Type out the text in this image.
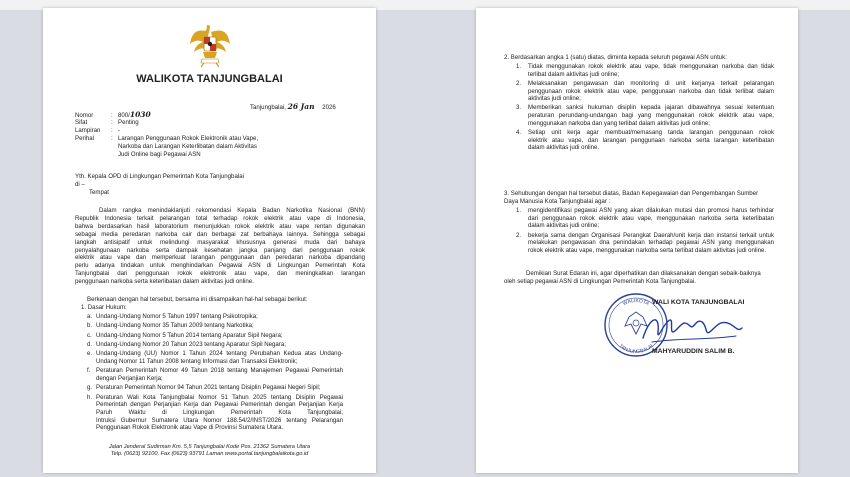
WALIKOTA TANJUNGBALAI
Tanjungbalai, 26 Jan 2026
Nomor	: 800/1030
Sifat	: Penting
Lampiran : -
Perihal	: Larangan Penggunaan Rokok Elektronik atau Vape,
Narkoba dan Larangan Keterlibatan dalam Aktivitas
Judi Online bagi Pegawai ASN
Yth. Kepala OPD di Lingkungan Pemerintah Kota Tanjungbalai
di –
Tempat
Dalam rangka menindaklanjuti rekomendasi Kepala Badan Narkotika Nasional (BNN)
Republik Indonesia terkait pelarangan total terhadap rokok elektrik atau vape di Indonesia,
bahwa berdasarkan hasil laboratorium menunjukkan rokok elektrik atau vape rentan digunakan
sebagai media peredaran narkoba cair dan berbagai zat berbahaya lainnya. Sehingga sebagai
langkah antisipatif untuk melindungi masyarakat khususnya generasi muda dari bahaya
penyalahgunaan narkoba serta dampak kesehatan jangka panjang dari penggunaan rokok
elektrik atau vape dan memperkuat larangan penggunaan dan peredaran narkoba dipandang
perlu adanya tindakan untuk menghindarkan Pegawai ASN di Lingkungan Pemerintah Kota
Tanjungbalai dari penggunaan rokok elektronik atau vape, dan meningkatkan larangan
penggunaan narkoba serta keterlibatan dalam aktivitas judi online.
Berkenaan dengan hal tersebut, bersama ini disampaikan hal-hal sebagai berikut:
1. Dasar Hukum:
a. Undang-Undang Nomor 5 Tahun 1997 tentang Psikotropika;
b. Undang-Undang Nomor 35 Tahun 2009 tentang Narkotika;
c. Undang-Undang Nomor 5 Tahun 2014 tentang Aparatur Sipil Negara;
d. Undang-Undang Nomor 20 Tahun 2023 tentang Aparatur Sipil Negara;
e. Undang-Undang (UU) Nomor 1 Tahun 2024 tentang Perubahan Kedua atas Undang-
Undang Nomor 11 Tahun 2008 tentang Informasi dan Transaksi Elektronik;
f. Peraturan Pemerintah Nomor 49 Tahun 2018 tentang Manajemen Pegawai Pemerintah
dengan Perjanjian Kerja;
g. Peraturan Pemerintah Nomor 94 Tahun 2021 tentang Disiplin Pegawai Negeri Sipil;
h. Peraturan Wali Kota Tanjungbalai Nomor 51 Tahun 2025 tentang Disiplin Pegawai
Pemerintah dengan Perjanjian Kerja dan Pegawai Pemerintah dengan Perjanjian Kerja
Paruh Waktu di Lingkungan Pemerintah Kota Tanjungbalai;
Intruksi Gubernur Sumatera Utara Nomor 188.54/2/INST/2026 tentang Pelarangan
Penggunaan Rokok Elektronik atau Vape di Provinsi Sumatera Utara.
Jalan Jenderal Sudirman Km. 5,5 Tanjungbalai Kode Pos. 21362 Sumatera Utara
Telp. (0623) 92100, Fax (0623) 93791 Laman www.portal.tanjungbalaikota.go.id
2. Berdasarkan angka 1 (satu) diatas, diminta kepada seluruh pegawai ASN untuk:
1. Tidak menggunakan rokok elektrik atau vape, tidak menggunakan narkoba dan tidak
terlibat dalam aktivitas judi online;
2. Melaksanakan pengawasan dan monitoring di unit kerjanya terkait pelarangan
penggunaan rokok elektrik atau vape, penggunaan narkoba dan tidak terlibat dalam
aktivitas judi online;
3. Memberikan sanksi hukuman disiplin kepada jajaran dibawahnya sesuai ketentuan
peraturan perundang-undangan bagi yang menggunakan rokok elektrik atau vape,
menggunakan narkoba dan yang terlibat dalam aktivitas judi online;
4. Setiap unit kerja agar membuat/memasang tanda larangan penggunaan rokok
elektrik atau vape, dan larangan penggunaan narkoba serta larangan keterlibatan
dalam aktivitas judi online.
3. Sehubungan dengan hal tersebut diatas, Badan Kepegawaian dan Pengembangan Sumber
Daya Manusia Kota Tanjungbalai agar :
1. mengidentifikasi pegawai ASN yang akan dilakukan mutasi dan promosi harus terhindar
dari penggunaan rokok elektrik atau vape, menggunakan narkoba serta keterlibatan
dalam aktivitas judi online;
2. bekerja sama dengan Organisasi Perangkat Daerah/unit kerja dan instansi terkait untuk
melakukan pengawasan dna penindakan terhadap pegawai ASN yang menggunakan
rokok elektrik atau vape, menggunakan narkoba serta terlibat dalam aktivitas judi online.
Demikian Surat Edaran ini, agar diperhatikan dan dilaksanakan dengan sebaik-baiknya
oleh setiap pegawai ASN di Lingkungan Pemerintah Kota Tanjungbalai.
WALIKOTA
TANJUNGBALAI
WALI KOTA TANJUNGBALAI
MAHYARUDDIN SALIM B.
